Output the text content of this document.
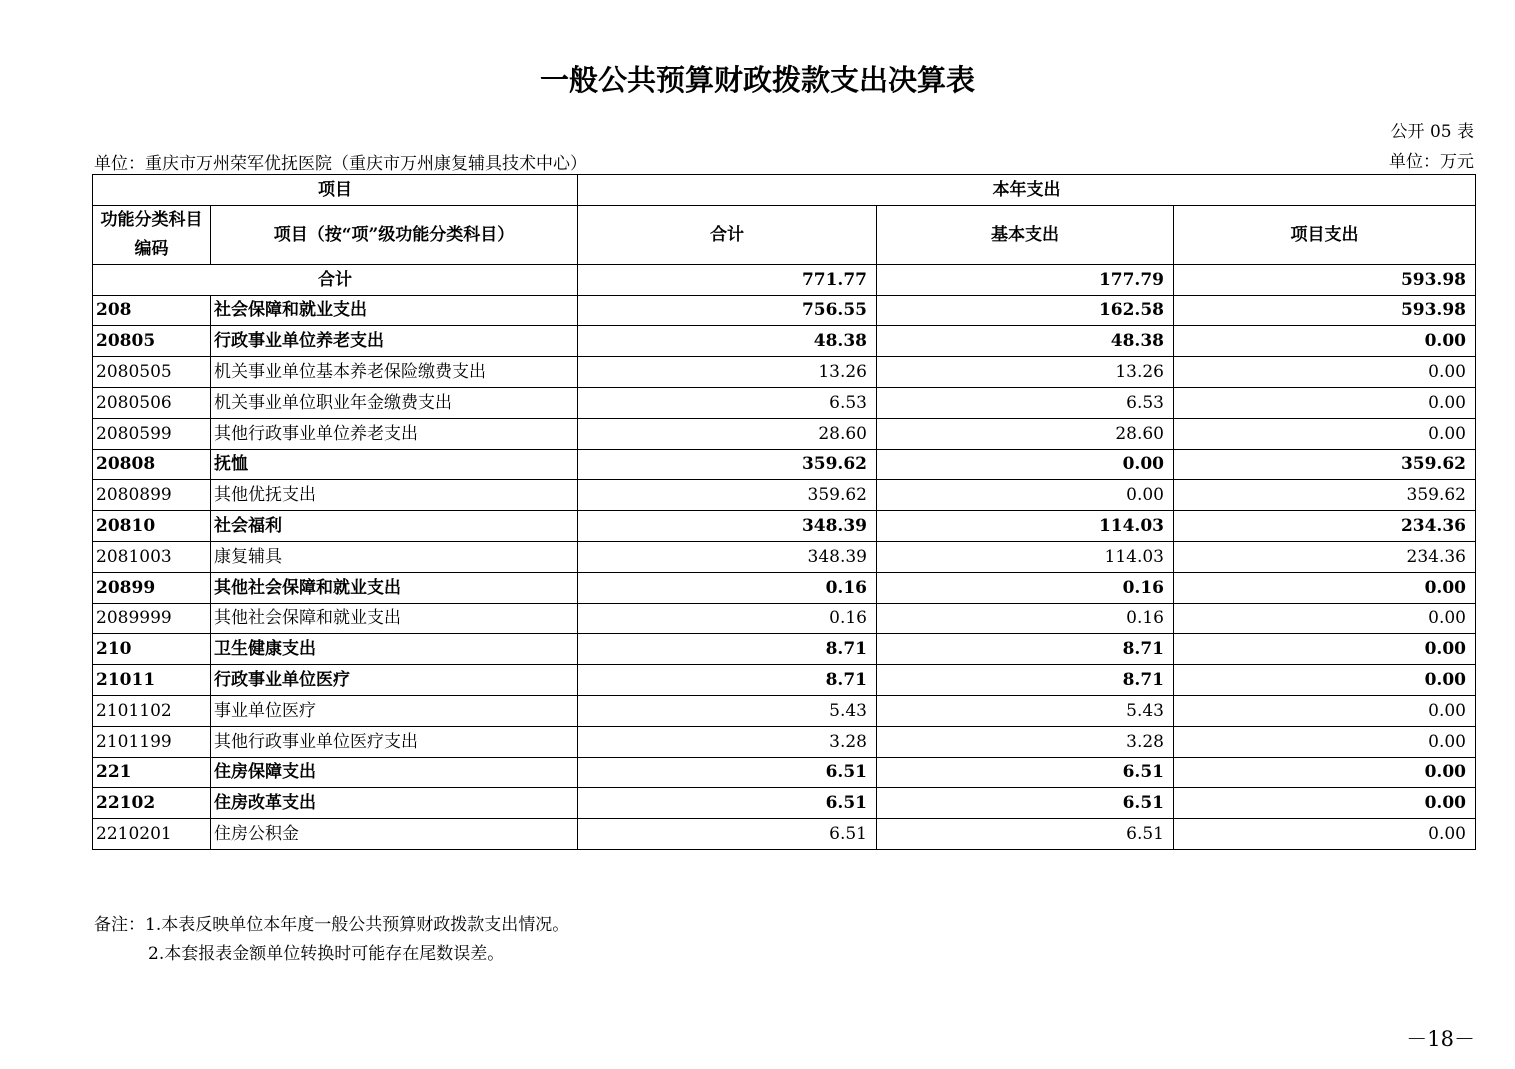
一般公共预算财政拨款支出决算表
公开 05 表
单位：重庆市万州荣军优抚医院（重庆市万州康复辅具技术中心）	单位：万元
项目		本年支出		
功能分类科目编码	项目（按“项”级功能分类科目）	合计	基本支出	项目支出
合计		771.77	177.79	593.98
208	社会保障和就业支出	756.55	162.58	593.98
20805	行政事业单位养老支出	48.38	48.38	0.00
2080505	机关事业单位基本养老保险缴费支出	13.26	13.26	0.00
2080506	机关事业单位职业年金缴费支出	6.53	6.53	0.00
2080599	其他行政事业单位养老支出	28.60	28.60	0.00
20808	抚恤	359.62	0.00	359.62
2080899	其他优抚支出	359.62	0.00	359.62
20810	社会福利	348.39	114.03	234.36
2081003	康复辅具	348.39	114.03	234.36
20899	其他社会保障和就业支出	0.16	0.16	0.00
2089999	其他社会保障和就业支出	0.16	0.16	0.00
210	卫生健康支出	8.71	8.71	0.00
21011	行政事业单位医疗	8.71	8.71	0.00
2101102	事业单位医疗	5.43	5.43	0.00
2101199	其他行政事业单位医疗支出	3.28	3.28	0.00
221	住房保障支出	6.51	6.51	0.00
22102	住房改革支出	6.51	6.51	0.00
2210201	住房公积金	6.51	6.51	0.00
备注：1.本表反映单位本年度一般公共预算财政拨款支出情况。
2.本套报表金额单位转换时可能存在尾数误差。
－18－
